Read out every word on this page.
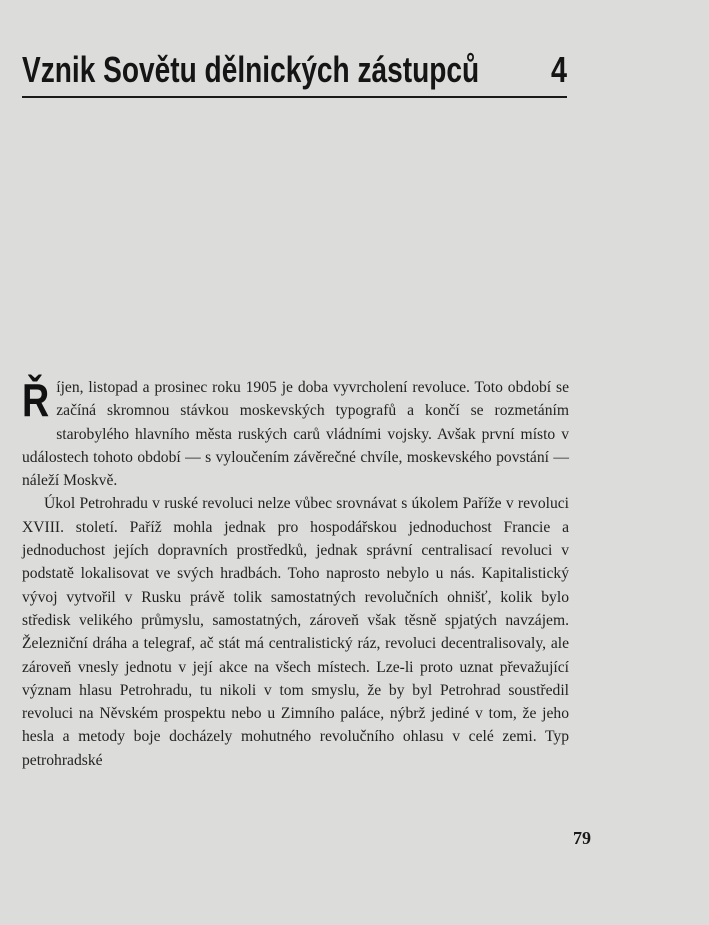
Vznik Sovětu dělnických zástupců 4

Říjen, listopad a prosinec roku 1905 je doba vyvrcholení revoluce. Toto období se začíná skromnou stávkou moskevských typografů a končí se rozmetáním starobylého hlavního města ruských carů vládními vojsky. Avšak první místo v událostech tohoto období — s vyloučením závěrečné chvíle, moskevského povstání — náleží Moskvě.

Úkol Petrohradu v ruské revoluci nelze vůbec srovnávat s úkolem Paříže v revoluci XVIII. století. Paříž mohla jednak pro hospodářskou jednoduchost Francie a jednoduchost jejích dopravních prostředků, jednak správní centralisací revoluci v podstatě lokalisovat ve svých hradbách. Toho naprosto nebylo u nás. Kapitalistický vývoj vytvořil v Rusku právě tolik samostatných revolučních ohnišť, kolik bylo středisk velikého průmyslu, samostatných, zároveň však těsně spjatých navzájem. Železniční dráha a telegraf, ač stát má centralistický ráz, revoluci decentralisovaly, ale zároveň vnesly jednotu v její akce na všech místech. Lze-li proto uznat převažující význam hlasu Petrohradu, tu nikoli v tom smyslu, že by byl Petrohrad soustředil revoluci na Něvském prospektu nebo u Zimního paláce, nýbrž jediné v tom, že jeho hesla a metody boje docházely mohutného revolučního ohlasu v celé zemi. Typ petrohradské

79
